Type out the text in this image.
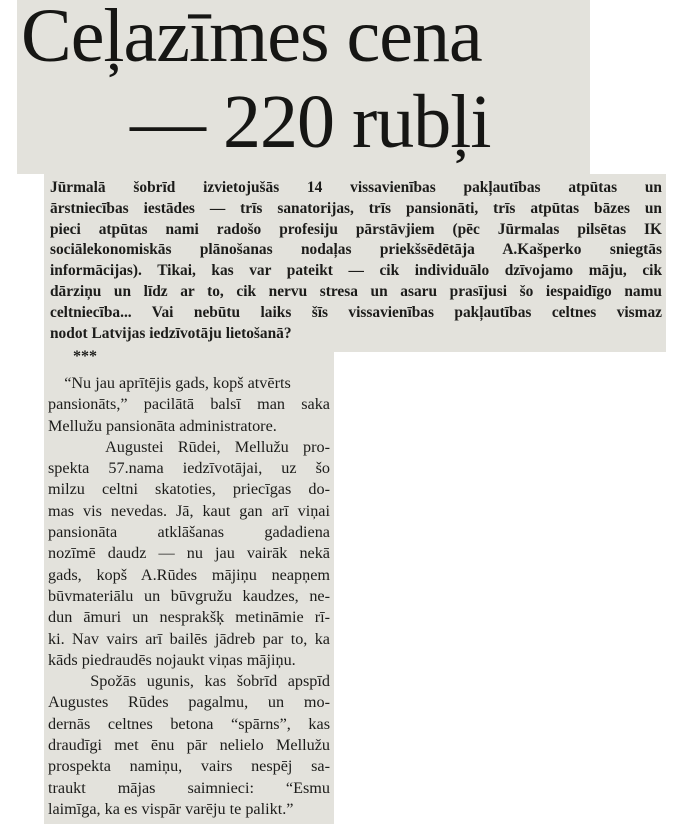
Ceļazīmes cena
— 220 rubļi
Jūrmalā šobrīd izvietojušās 14 vissavienības pakļautības atpūtas un
ārstniecības iestādes — trīs sanatorijas, trīs pansionāti, trīs atpūtas bāzes un
pieci atpūtas nami radošo profesiju pārstāvjiem (pēc Jūrmalas pilsētas IK
sociālekonomiskās plānošanas nodaļas priekšsēdētāja A.Kašperko sniegtās
informācijas). Tikai, kas var pateikt — cik individuālo dzīvojamo māju, cik
dārziņu un līdz ar to, cik nervu stresa un asaru prasījusi šo iespaidīgo namu
celtniecība... Vai nebūtu laiks šīs vissavienības pakļautības celtnes vismaz
nodot Latvijas iedzīvotāju lietošanā?
***
“Nu jau aprītējis gads, kopš atvērts
pansionāts,” pacilātā balsī man saka
Mellužu pansionāta administratore.
Augustei Rūdei, Mellužu pro-
spekta 57.nama iedzīvotājai, uz šo
milzu celtni skatoties, priecīgas do-
mas vis nevedas. Jā, kaut gan arī viņai
pansionāta atklāšanas gadadiena
nozīmē daudz — nu jau vairāk nekā
gads, kopš A.Rūdes mājiņu neapņem
būvmateriālu un būvgružu kaudzes, ne-
dun āmuri un nesprakšķ metināmie rī-
ki. Nav vairs arī bailēs jādreb par to, ka
kāds piedraudēs nojaukt viņas mājiņu.
Spožās ugunis, kas šobrīd apspīd
Augustes Rūdes pagalmu, un mo-
dernās celtnes betona “spārns”, kas
draudīgi met ēnu pār nelielo Mellužu
prospekta namiņu, vairs nespēj sa-
traukt mājas saimnieci: “Esmu
laimīga, ka es vispār varēju te palikt.”
